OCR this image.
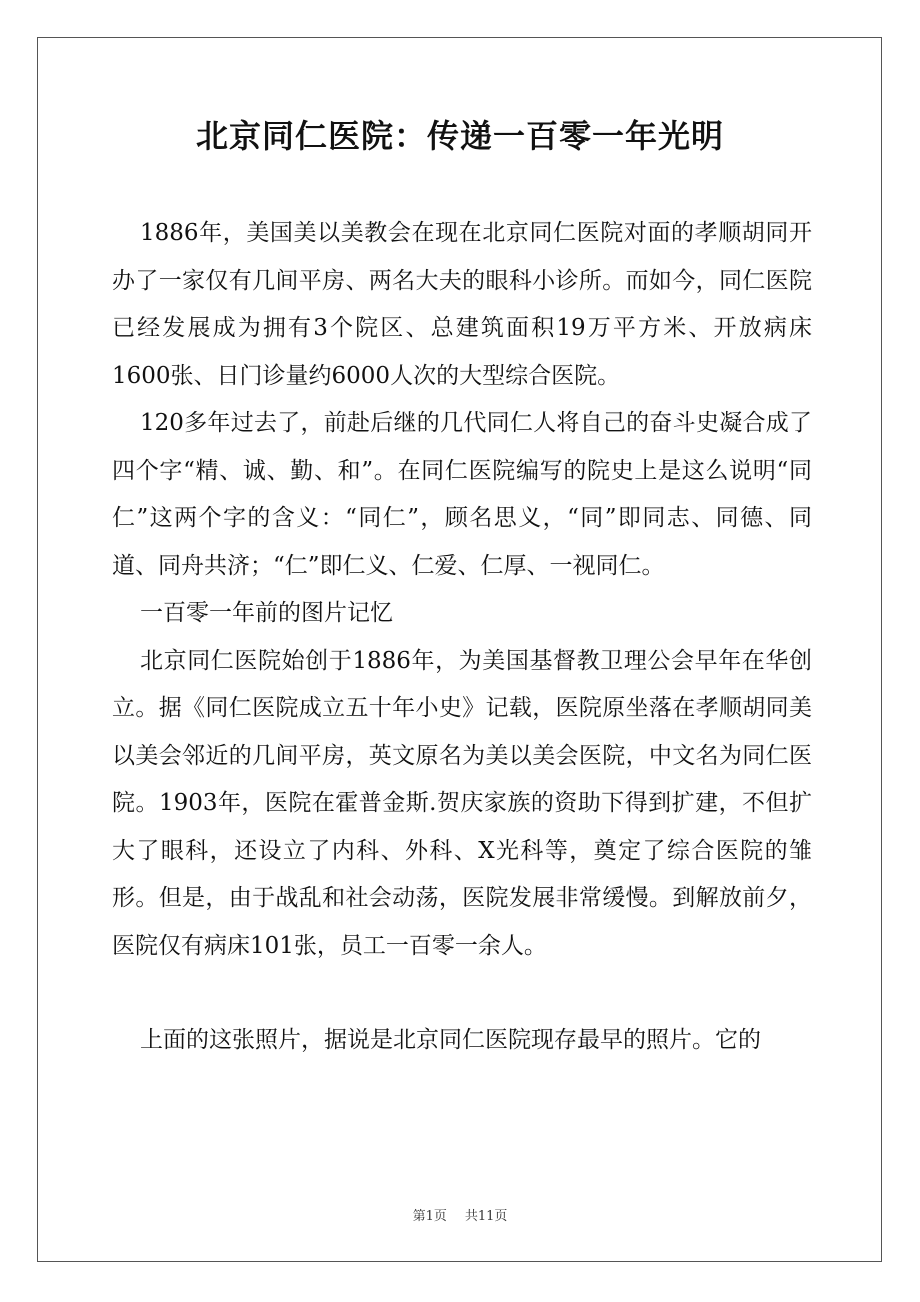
北京同仁医院：传递一百零一年光明

1886年，美国美以美教会在现在北京同仁医院对面的孝顺胡同开办了一家仅有几间平房、两名大夫的眼科小诊所。而如今，同仁医院已经发展成为拥有3个院区、总建筑面积19万平方米、开放病床1600张、日门诊量约6000人次的大型综合医院。

120多年过去了，前赴后继的几代同仁人将自己的奋斗史凝合成了四个字“精、诚、勤、和”。在同仁医院编写的院史上是这么说明“同仁”这两个字的含义：“同仁”，顾名思义，“同”即同志、同德、同道、同舟共济；“仁”即仁义、仁爱、仁厚、一视同仁。

一百零一年前的图片记忆

北京同仁医院始创于1886年，为美国基督教卫理公会早年在华创立。据《同仁医院成立五十年小史》记载，医院原坐落在孝顺胡同美以美会邻近的几间平房，英文原名为美以美会医院，中文名为同仁医院。1903年，医院在霍普金斯.贺庆家族的资助下得到扩建，不但扩大了眼科，还设立了内科、外科、X光科等，奠定了综合医院的雏形。但是，由于战乱和社会动荡，医院发展非常缓慢。到解放前夕，医院仅有病床101张，员工一百零一余人。

上面的这张照片，据说是北京同仁医院现存最早的照片。它的

第1页 共11页
